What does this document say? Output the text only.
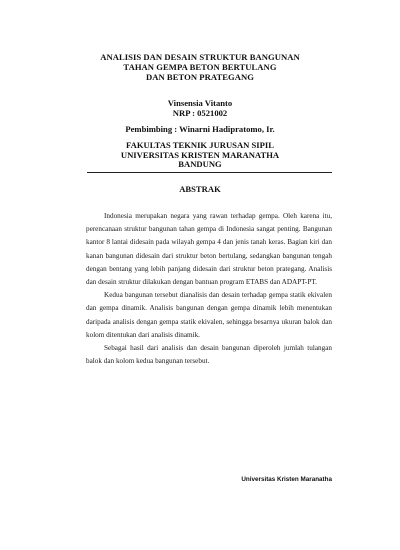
ANALISIS DAN DESAIN STRUKTUR BANGUNAN
TAHAN GEMPA BETON BERTULANG
DAN BETON PRATEGANG
Vinsensia Vitanto
NRP : 0521002
Pembimbing : Winarni Hadipratomo, Ir.
FAKULTAS TEKNIK JURUSAN SIPIL
UNIVERSITAS KRISTEN MARANATHA
BANDUNG
ABSTRAK

Indonesia merupakan negara yang rawan terhadap gempa. Oleh karena itu, perencanaan struktur bangunan tahan gempa di Indonesia sangat penting. Bangunan kantor 8 lantai didesain pada wilayah gempa 4 dan jenis tanah keras. Bagian kiri dan kanan bangunan didesain dari struktur beton bertulang, sedangkan bangunan tengah dengan bentang yang lebih panjang didesain dari struktur beton prategang. Analisis dan desain struktur dilakukan dengan bantuan program ETABS dan ADAPT-PT.

Kedua bangunan tersebut dianalisis dan desain terhadap gempa statik ekivalen dan gempa dinamik. Analisis bangunan dengan gempa dinamik lebih menentukan daripada analisis dengan gempa statik ekivalen, sehingga besarnya ukuran balok dan kolom ditentukan dari analisis dinamik.

Sebagai hasil dari analisis dan desain bangunan diperoleh jumlah tulangan balok dan kolom kedua bangunan tersebut.

Universitas Kristen Maranatha
